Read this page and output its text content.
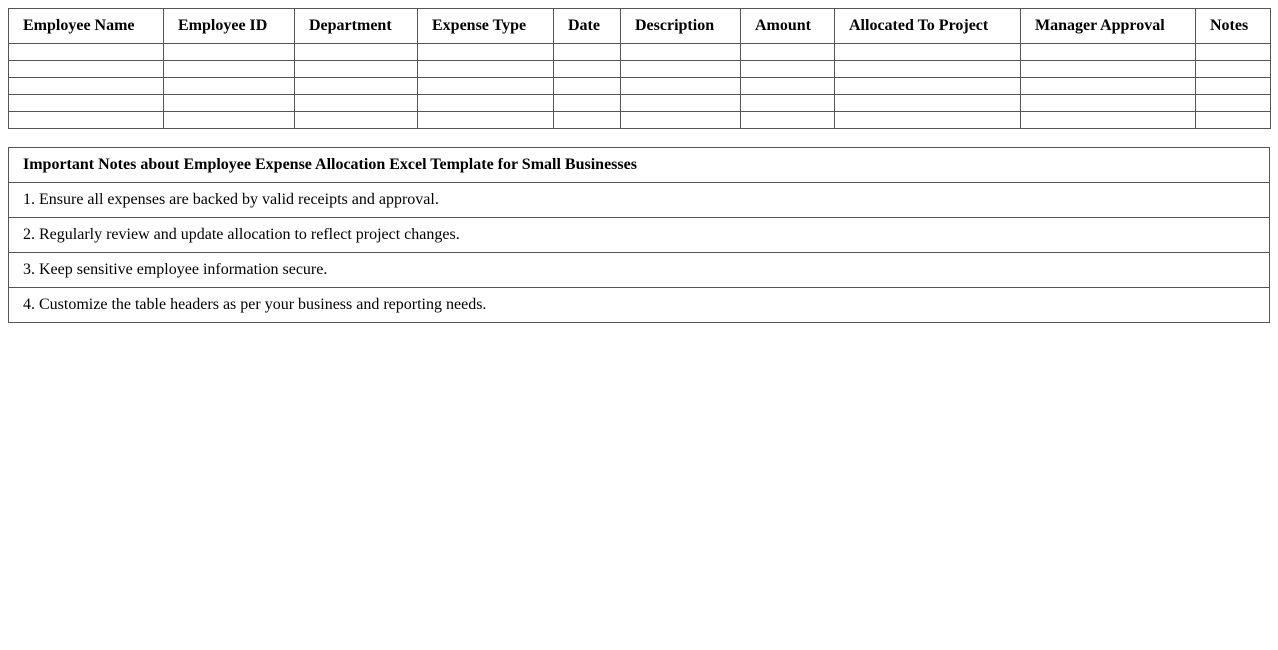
Employee Name	Employee ID	Department	Expense Type	Date	Description	Amount	Allocated To Project	Manager Approval	Notes

Important Notes about Employee Expense Allocation Excel Template for Small Businesses
1. Ensure all expenses are backed by valid receipts and approval.
2. Regularly review and update allocation to reflect project changes.
3. Keep sensitive employee information secure.
4. Customize the table headers as per your business and reporting needs.
